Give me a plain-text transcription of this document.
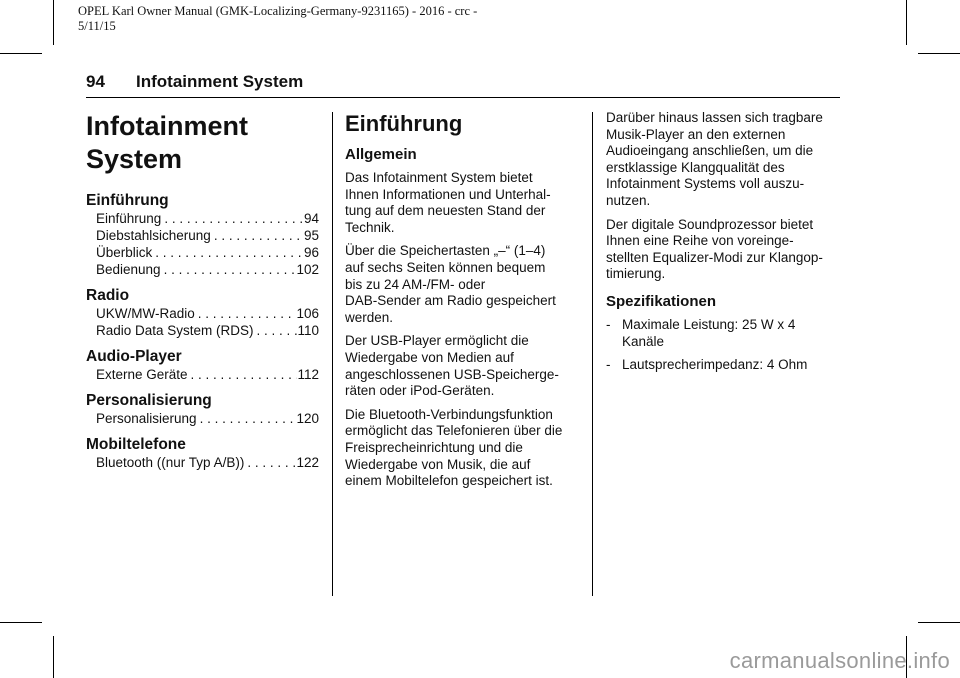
OPEL Karl Owner Manual (GMK-Localizing-Germany-9231165) - 2016 - crc -
5/11/15
94 Infotainment System
Infotainment
System
Einführung
Einführung . . .	94
Diebstahlsicherung . . .	95
Überblick . . .	96
Bedienung . . .	102
Radio
UKW/MW-Radio . . .	106
Radio Data System (RDS) . . .	110
Audio-Player
Externe Geräte . . .	112
Personalisierung
Personalisierung . . .	120
Mobiltelefone
Bluetooth ((nur Typ A/B)) . . .	122
Einführung
Allgemein

Das Infotainment System bietet
Ihnen Informationen und Unterhal-
tung auf dem neuesten Stand der
Technik.

Über die Speichertasten „–“ (1–4)
auf sechs Seiten können bequem
bis zu 24 AM-/FM- oder
DAB-Sender am Radio gespeichert
werden.

Der USB-Player ermöglicht die
Wiedergabe von Medien auf
angeschlossenen USB-Speicherge-
räten oder iPod-Geräten.

Die Bluetooth-Verbindungsfunktion
ermöglicht das Telefonieren über die
Freisprecheinrichtung und die
Wiedergabe von Musik, die auf
einem Mobiltelefon gespeichert ist.

Darüber hinaus lassen sich tragbare
Musik-Player an den externen
Audioeingang anschließen, um die
erstklassige Klangqualität des
Infotainment Systems voll auszu-
nutzen.

Der digitale Soundprozessor bietet
Ihnen eine Reihe von voreinge-
stellten Equalizer-Modi zur Klangop-
timierung.

Spezifikationen
- Maximale Leistung: 25 W x 4
Kanäle
- Lautsprecherimpedanz: 4 Ohm
carmanualsonline.info
